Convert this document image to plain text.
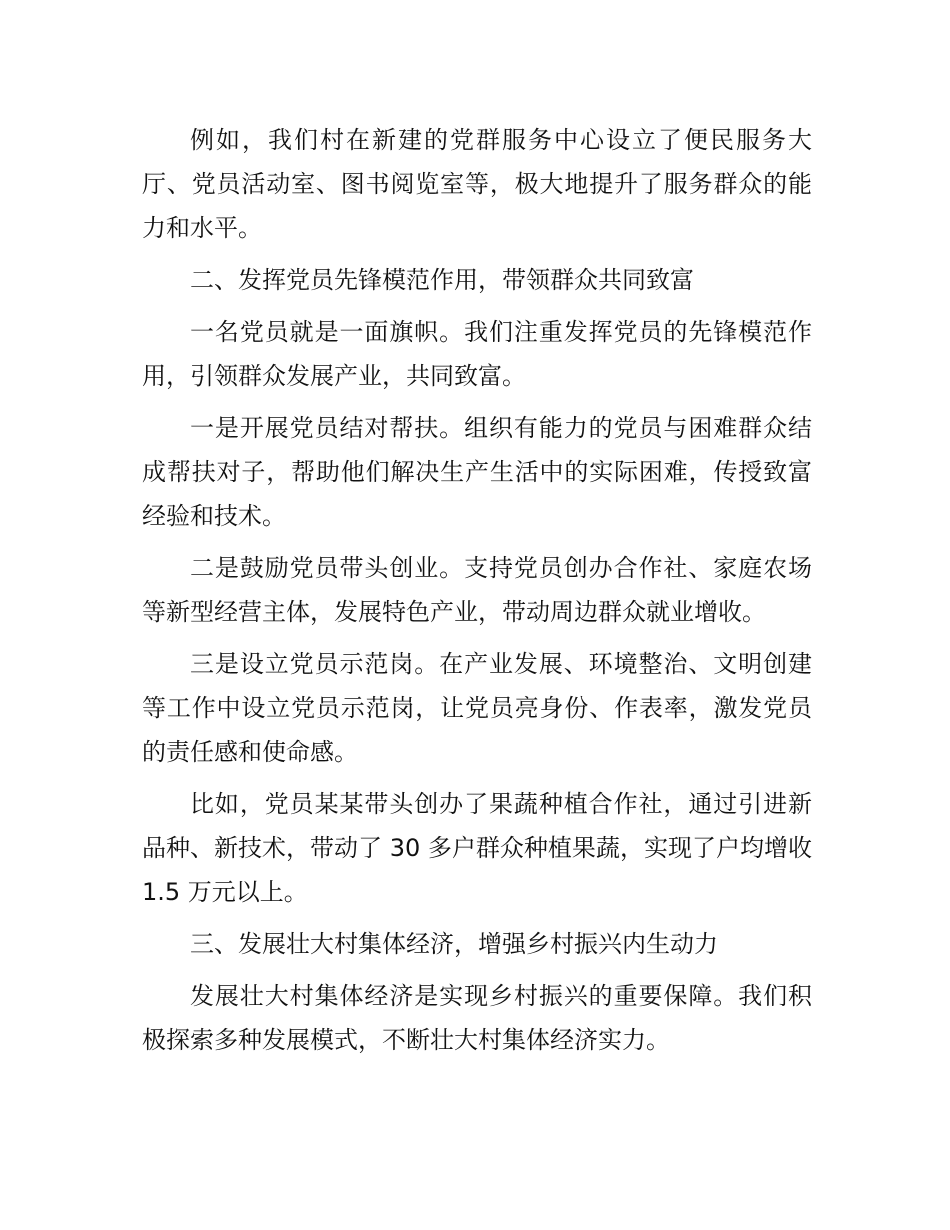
例如，我们村在新建的党群服务中心设立了便民服务大厅、党员活动室、图书阅览室等，极大地提升了服务群众的能力和水平。

二、发挥党员先锋模范作用，带领群众共同致富

一名党员就是一面旗帜。我们注重发挥党员的先锋模范作用，引领群众发展产业，共同致富。

一是开展党员结对帮扶。组织有能力的党员与困难群众结成帮扶对子，帮助他们解决生产生活中的实际困难，传授致富经验和技术。

二是鼓励党员带头创业。支持党员创办合作社、家庭农场等新型经营主体，发展特色产业，带动周边群众就业增收。

三是设立党员示范岗。在产业发展、环境整治、文明创建等工作中设立党员示范岗，让党员亮身份、作表率，激发党员的责任感和使命感。

比如，党员某某带头创办了果蔬种植合作社，通过引进新品种、新技术，带动了 30 多户群众种植果蔬，实现了户均增收 1.5 万元以上。

三、发展壮大村集体经济，增强乡村振兴内生动力

发展壮大村集体经济是实现乡村振兴的重要保障。我们积极探索多种发展模式，不断壮大村集体经济实力。
